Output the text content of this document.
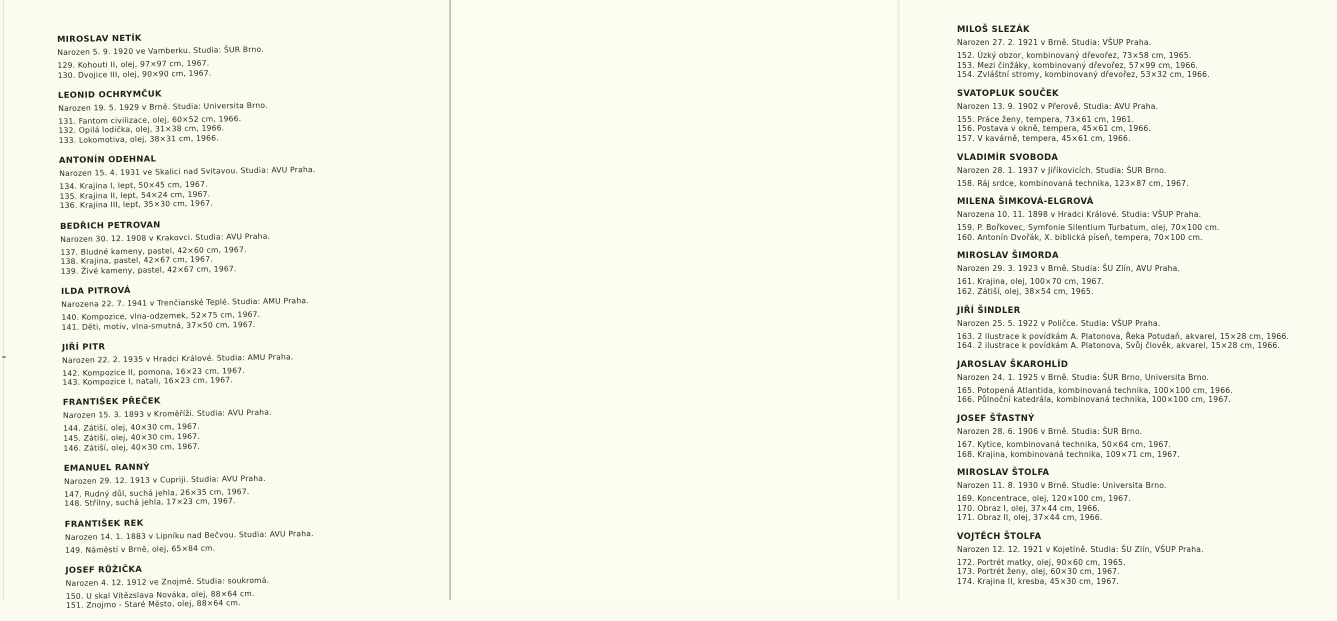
MIROSLAV NETÍK
Narozen 5. 9. 1920 ve Vamberku. Studia: ŠUR Brno.
129. Kohouti II, olej, 97×97 cm, 1967.
130. Dvojice III, olej, 90×90 cm, 1967.
LEONID OCHRYMČUK
Narozen 19. 5. 1929 v Brně. Studia: Universita Brno.
131. Fantom civilizace, olej, 60×52 cm, 1966.
132. Opilá lodička, olej, 31×38 cm, 1966.
133. Lokomotiva, olej, 38×31 cm, 1966.
ANTONÍN ODEHNAL
Narozen 15. 4. 1931 ve Skalici nad Svitavou. Studia: AVU Praha.
134. Krajina I, lept, 50×45 cm, 1967.
135. Krajina II, lept, 54×24 cm, 1967.
136. Krajina III, lept, 35×30 cm, 1967.
BEDŘICH PETROVAN
Narozen 30. 12. 1908 v Krakovci. Studia: AVU Praha.
137. Bludné kameny, pastel, 42×60 cm, 1967.
138. Krajina, pastel, 42×67 cm, 1967.
139. Živé kameny, pastel, 42×67 cm, 1967.
ILDA PITROVÁ
Narozena 22. 7. 1941 v Trenčianské Teplé. Studia: AMU Praha.
140. Kompozice, vlna-odzemek, 52×75 cm, 1967.
141. Děti, motiv, vlna-smutná, 37×50 cm, 1967.
JIŘÍ PITR
Narozen 22. 2. 1935 v Hradci Králové. Studia: AMU Praha.
142. Kompozice II, pomona, 16×23 cm, 1967.
143. Kompozice I, natali, 16×23 cm, 1967.
FRANTIŠEK PŘEČEK
Narozen 15. 3. 1893 v Kroměříži. Studia: AVU Praha.
144. Zátiší, olej, 40×30 cm, 1967.
145. Zátiší, olej, 40×30 cm, 1967.
146. Zátiší, olej, 40×30 cm, 1967.
EMANUEL RANNÝ
Narozen 29. 12. 1913 v Cupriji. Studia: AVU Praha.
147. Rudný důl, suchá jehla, 26×35 cm, 1967.
148. Střílny, suchá jehla, 17×23 cm, 1967.
FRANTIŠEK REK
Narozen 14. 1. 1883 v Lipníku nad Bečvou. Studia: AVU Praha.
149. Náměstí v Brně, olej, 65×84 cm.
JOSEF RŮŽIČKA
Narozen 4. 12. 1912 ve Znojmě. Studia: soukromá.
150. U skal Vítězslava Nováka, olej, 88×64 cm.
151. Znojmo - Staré Město, olej, 88×64 cm.
MILOŠ SLEZÁK
Narozen 27. 2. 1921 v Brně. Studia: VŠUP Praha.
152. Úzký obzor, kombinovaný dřevořez, 73×58 cm, 1965.
153. Mezi činžáky, kombinovaný dřevořez, 57×99 cm, 1966.
154. Zvláštní stromy, kombinovaný dřevořez, 53×32 cm, 1966.
SVATOPLUK SOUČEK
Narozen 13. 9. 1902 v Přerově. Studia: AVU Praha.
155. Práce ženy, tempera, 73×61 cm, 1961.
156. Postava v okně, tempera, 45×61 cm, 1966.
157. V kavárně, tempera, 45×61 cm, 1966.
VLADIMÍR SVOBODA
Narozen 28. 1. 1937 v Jiříkovicích. Studia: ŠUR Brno.
158. Ráj srdce, kombinovaná technika, 123×87 cm, 1967.
MILENA ŠIMKOVÁ-ELGROVÁ
Narozena 10. 11. 1898 v Hradci Králové. Studia: VŠUP Praha.
159. P. Bořkovec, Symfonie Silentium Turbatum, olej, 70×100 cm.
160. Antonín Dvořák, X. biblická píseň, tempera, 70×100 cm.
MIROSLAV ŠIMORDA
Narozen 29. 3. 1923 v Brně. Studia: ŠU Zlín, AVU Praha.
161. Krajina, olej, 100×70 cm, 1967.
162. Zátiší, olej, 38×54 cm, 1965.
JIŘÍ ŠINDLER
Narozen 25. 5. 1922 v Poličce. Studia: VŠUP Praha.
163. 2 ilustrace k povídkám A. Platonova, Řeka Potudaň, akvarel, 15×28 cm, 1966.
164. 2 ilustrace k povídkám A. Platonova, Svůj člověk, akvarel, 15×28 cm, 1966.
JAROSLAV ŠKAROHLÍD
Narozen 24. 1. 1925 v Brně. Studia: ŠUR Brno, Universita Brno.
165. Potopená Atlantida, kombinovaná technika, 100×100 cm, 1966.
166. Půlnoční katedrála, kombinovaná technika, 100×100 cm, 1967.
JOSEF ŠŤASTNÝ
Narozen 28. 6. 1906 v Brně. Studia: ŠUR Brno.
167. Kytice, kombinovaná technika, 50×64 cm, 1967.
168. Krajina, kombinovaná technika, 109×71 cm, 1967.
MIROSLAV ŠTOLFA
Narozen 11. 8. 1930 v Brně. Studie: Universita Brno.
169. Koncentrace, olej, 120×100 cm, 1967.
170. Obraz I, olej, 37×44 cm, 1966.
171. Obraz II, olej, 37×44 cm, 1966.
VOJTĚCH ŠTOLFA
Narozen 12. 12. 1921 v Kojetíně. Studia: ŠU Zlín, VŠUP Praha.
172. Portrét matky, olej, 90×60 cm, 1965.
173. Portrét ženy, olej, 60×30 cm, 1967.
174. Krajina II, kresba, 45×30 cm, 1967.
